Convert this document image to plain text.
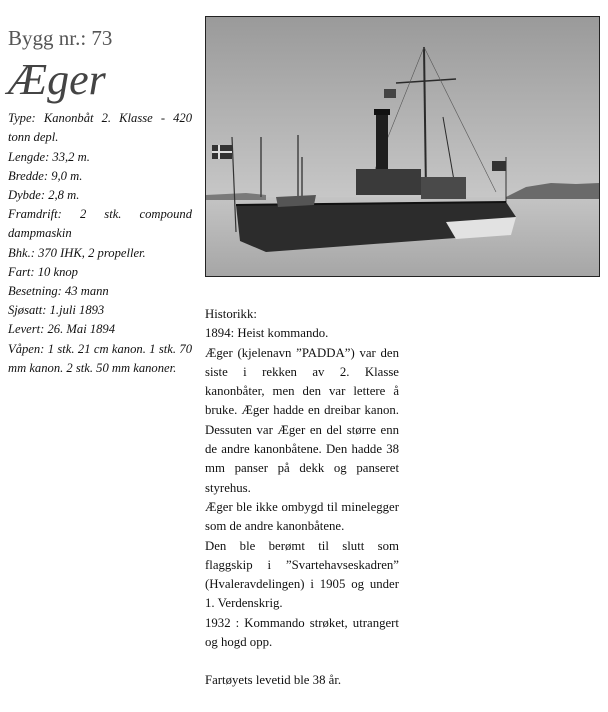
Bygg nr.: 73
Æger
Type: Kanonbåt 2. Klasse - 420 tonn depl.
Lengde: 33,2 m.
Bredde: 9,0 m.
Dybde: 2,8 m.
Framdrift: 2 stk. compound dampmaskin
Bhk.: 370 IHK, 2 propeller.
Fart: 10 knop
Besetning: 43 mann
Sjøsatt: 1.juli 1893
Levert: 26. Mai 1894
Våpen: 1 stk. 21 cm kanon. 1 stk. 70 mm kanon. 2 stk. 50 mm kanoner.
Historikk:
1894: Heist kommando.
Æger (kjelenavn ”PADDA”) var den siste i rekken av 2. Klasse kanonbåter, men den var lettere å bruke. Æger hadde en dreibar kanon. Dessuten var Æger en del større enn de andre kanonbåtene. Den hadde 38 mm panser på dekk og panseret styrehus.
Æger ble ikke ombygd til minelegger som de andre kanonbåtene.
Den ble berømt til slutt som flaggskip i ”Svartehavseskadren” (Hvaleravdelingen) i 1905 og under 1. Verdenskrig.
1932 : Kommando strøket, utrangert og hogd opp.
Fartøyets levetid ble 38 år.
